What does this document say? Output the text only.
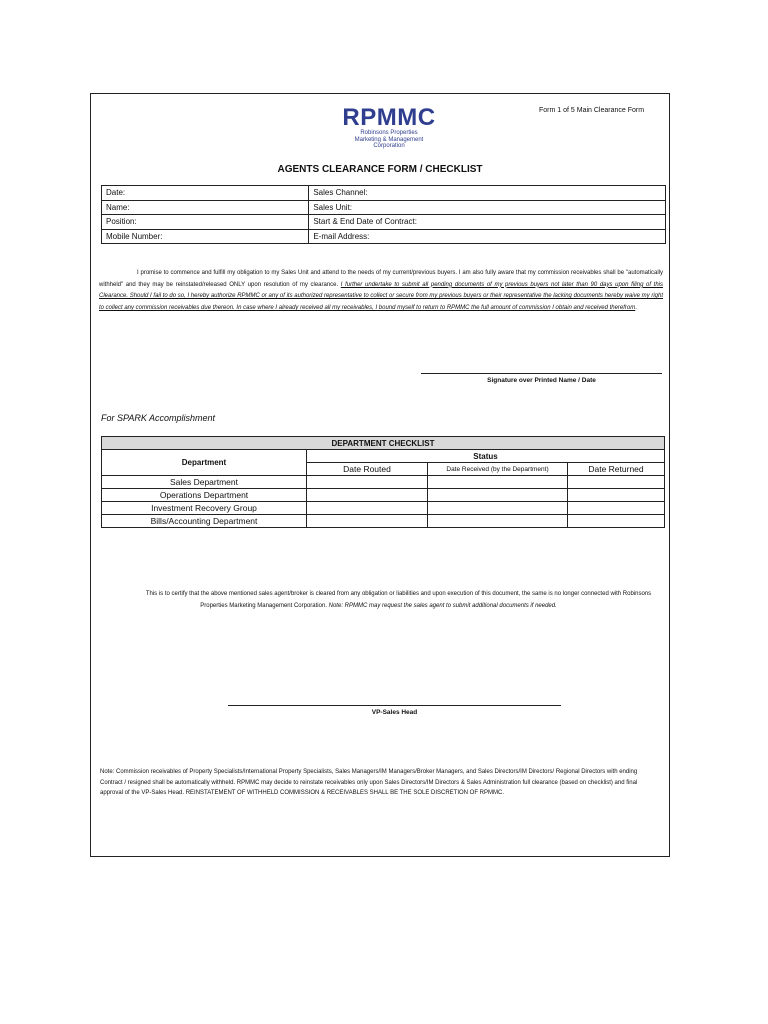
RPMMC
Robinsons Properties
Marketing & Management
Corporation
Form 1 of 5 Main Clearance Form
AGENTS CLEARANCE FORM / CHECKLIST
Date:	Sales Channel:
Name:	Sales Unit:
Position:	Start & End Date of Contract:
Mobile Number:	E-mail Address:
I promise to commence and fulfill my obligation to my Sales Unit and attend to the needs of my current/previous buyers. I am also fully aware that my commission receivables shall be "automatically withheld" and they may be reinstated/released ONLY upon resolution of my clearance. I further undertake to submit all pending documents of my previous buyers not later than 90 days upon filing of this Clearance. Should I fail to do so, I hereby authorize RPMMC or any of its authorized representative to collect or secure from my previous buyers or their representative the lacking documents hereby waive my right to collect any commission receivables due thereon. In case where I already received all my receivables, I bound myself to return to RPMMC the full amount of commission I obtain and received therefrom.
Signature over Printed Name / Date
For SPARK Accomplishment
DEPARTMENT CHECKLIST			
Department	Status		
	Date Routed	Date Received (by the Department)	Date Returned
Sales Department			
Operations Department			
Investment Recovery Group			
Bills/Accounting Department			
This is to certify that the above mentioned sales agent/broker is cleared from any obligation or liabilities and upon execution of this document, the same is no longer connected with Robinsons Properties Marketing Management Corporation. Note: RPMMC may request the sales agent to submit additional documents if needed.
VP-Sales Head
Note: Commission receivables of Property Specialists/International Property Specialists, Sales Managers/IM Managers/Broker Managers, and Sales Directors/IM Directors/ Regional Directors with ending Contract / resigned shall be automatically withheld. RPMMC may decide to reinstate receivables only upon Sales Directors/IM Directors & Sales Administration full clearance (based on checklist) and final approval of the VP-Sales Head. REINSTATEMENT OF WITHHELD COMMISSION & RECEIVABLES SHALL BE THE SOLE DISCRETION OF RPMMC.
